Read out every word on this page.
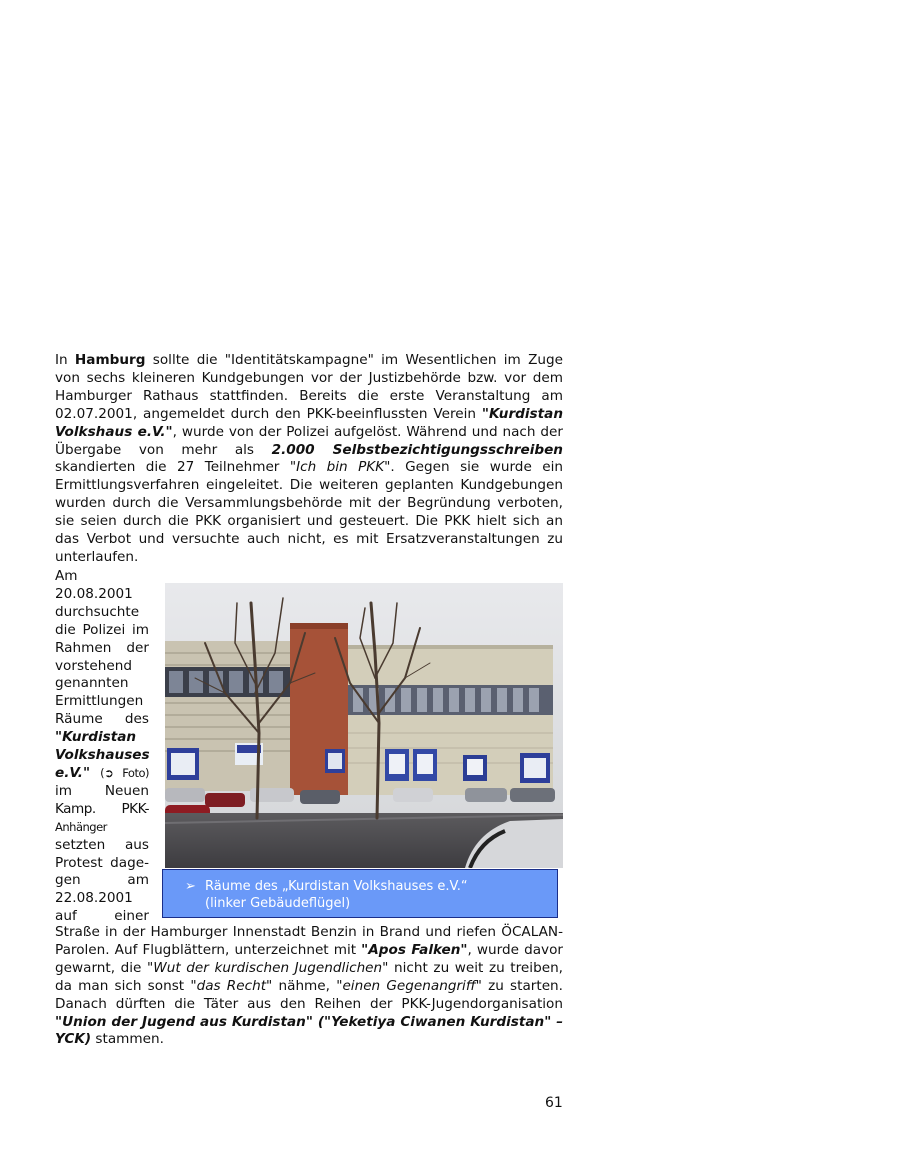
In Hamburg sollte die "Identitätskampagne" im Wesentlichen im Zuge von sechs kleineren Kundgebungen vor der Justizbehörde bzw. vor dem Hamburger Rathaus stattfinden. Bereits die erste Veranstaltung am 02.07.2001, angemeldet durch den PKK-beeinflussten Verein "Kurdistan Volkshaus e.V.", wurde von der Polizei aufgelöst. Während und nach der Übergabe von mehr als 2.000 Selbstbezichtigungsschreiben skandierten die 27 Teilnehmer "Ich bin PKK". Gegen sie wurde ein Ermittlungsverfahren eingeleitet. Die weiteren geplanten Kundgebungen wurden durch die Versammlungsbehörde mit der Begründung verboten, sie seien durch die PKK organisiert und gesteuert. Die PKK hielt sich an das Verbot und versuchte auch nicht, es mit Ersatzveranstaltungen zu unterlaufen.

Am
20.08.2001
durchsuchte
die Polizei im
Rahmen der
vorstehend
genannten
Ermittlungen
Räume des
"Kurdistan
Volkshauses
e.V." (➲ Foto)
im Neuen
Kamp. PKK-
Anhänger
setzten aus
Protest dage-
gen am
22.08.2001
auf einer
➢ Räume des „Kurdistan Volkshauses e.V.“
(linker Gebäudeflügel)

Straße in der Hamburger Innenstadt Benzin in Brand und riefen ÖCALAN-Parolen. Auf Flugblättern, unterzeichnet mit "Apos Falken", wurde davor gewarnt, die "Wut der kurdischen Jugendlichen" nicht zu weit zu treiben, da man sich sonst "das Recht" nähme, "einen Gegenangriff" zu starten. Danach dürften die Täter aus den Reihen der PKK-Jugendorganisation "Union der Jugend aus Kurdistan" ("Yeketiya Ciwanen Kurdistan" – YCK) stammen.

61
